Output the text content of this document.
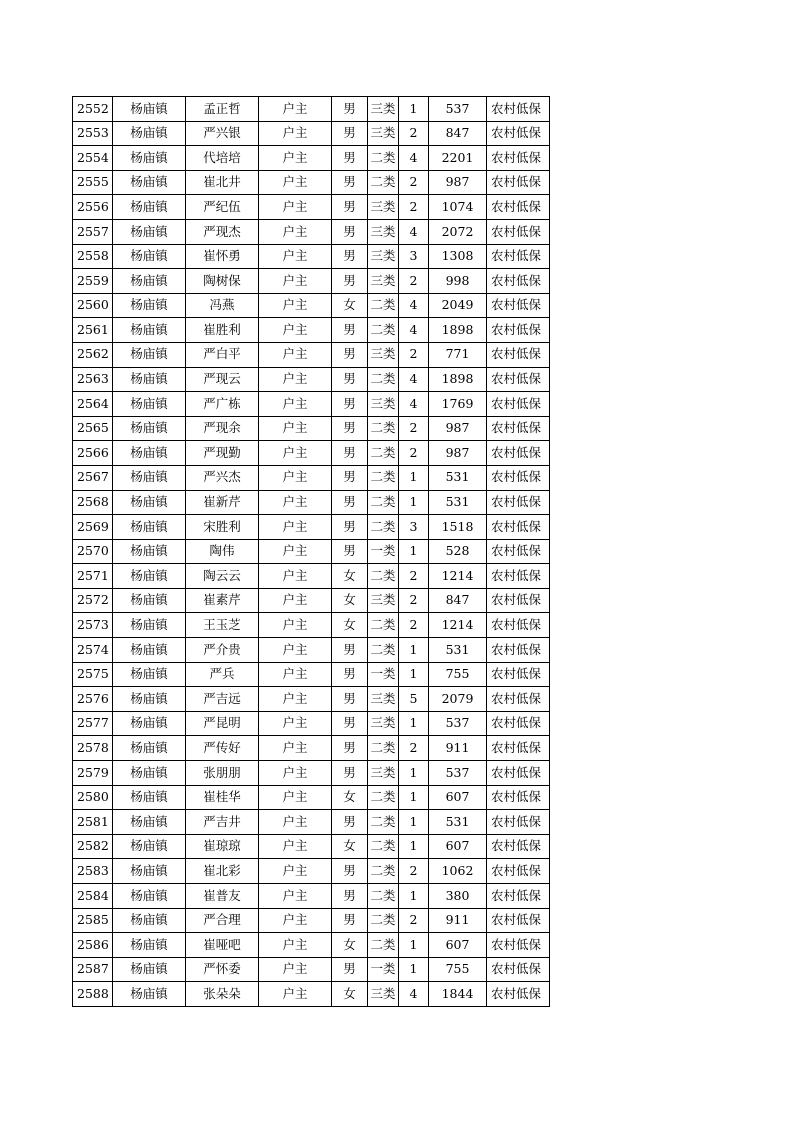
2552	杨庙镇	孟正哲	户主	男	三类	1	537	农村低保
2553	杨庙镇	严兴银	户主	男	三类	2	847	农村低保
2554	杨庙镇	代培培	户主	男	二类	4	2201	农村低保
2555	杨庙镇	崔北井	户主	男	二类	2	987	农村低保
2556	杨庙镇	严纪伍	户主	男	三类	2	1074	农村低保
2557	杨庙镇	严现杰	户主	男	三类	4	2072	农村低保
2558	杨庙镇	崔怀勇	户主	男	三类	3	1308	农村低保
2559	杨庙镇	陶树保	户主	男	三类	2	998	农村低保
2560	杨庙镇	冯燕	户主	女	二类	4	2049	农村低保
2561	杨庙镇	崔胜利	户主	男	二类	4	1898	农村低保
2562	杨庙镇	严白平	户主	男	三类	2	771	农村低保
2563	杨庙镇	严现云	户主	男	二类	4	1898	农村低保
2564	杨庙镇	严广栋	户主	男	三类	4	1769	农村低保
2565	杨庙镇	严现余	户主	男	二类	2	987	农村低保
2566	杨庙镇	严现勤	户主	男	二类	2	987	农村低保
2567	杨庙镇	严兴杰	户主	男	二类	1	531	农村低保
2568	杨庙镇	崔新芹	户主	男	二类	1	531	农村低保
2569	杨庙镇	宋胜利	户主	男	二类	3	1518	农村低保
2570	杨庙镇	陶伟	户主	男	一类	1	528	农村低保
2571	杨庙镇	陶云云	户主	女	二类	2	1214	农村低保
2572	杨庙镇	崔素芹	户主	女	三类	2	847	农村低保
2573	杨庙镇	王玉芝	户主	女	二类	2	1214	农村低保
2574	杨庙镇	严介贵	户主	男	二类	1	531	农村低保
2575	杨庙镇	严兵	户主	男	一类	1	755	农村低保
2576	杨庙镇	严吉远	户主	男	三类	5	2079	农村低保
2577	杨庙镇	严昆明	户主	男	三类	1	537	农村低保
2578	杨庙镇	严传好	户主	男	二类	2	911	农村低保
2579	杨庙镇	张朋朋	户主	男	三类	1	537	农村低保
2580	杨庙镇	崔桂华	户主	女	二类	1	607	农村低保
2581	杨庙镇	严吉井	户主	男	二类	1	531	农村低保
2582	杨庙镇	崔琼琼	户主	女	二类	1	607	农村低保
2583	杨庙镇	崔北彩	户主	男	二类	2	1062	农村低保
2584	杨庙镇	崔普友	户主	男	二类	1	380	农村低保
2585	杨庙镇	严合理	户主	男	二类	2	911	农村低保
2586	杨庙镇	崔哑吧	户主	女	二类	1	607	农村低保
2587	杨庙镇	严怀委	户主	男	一类	1	755	农村低保
2588	杨庙镇	张朵朵	户主	女	三类	4	1844	农村低保
